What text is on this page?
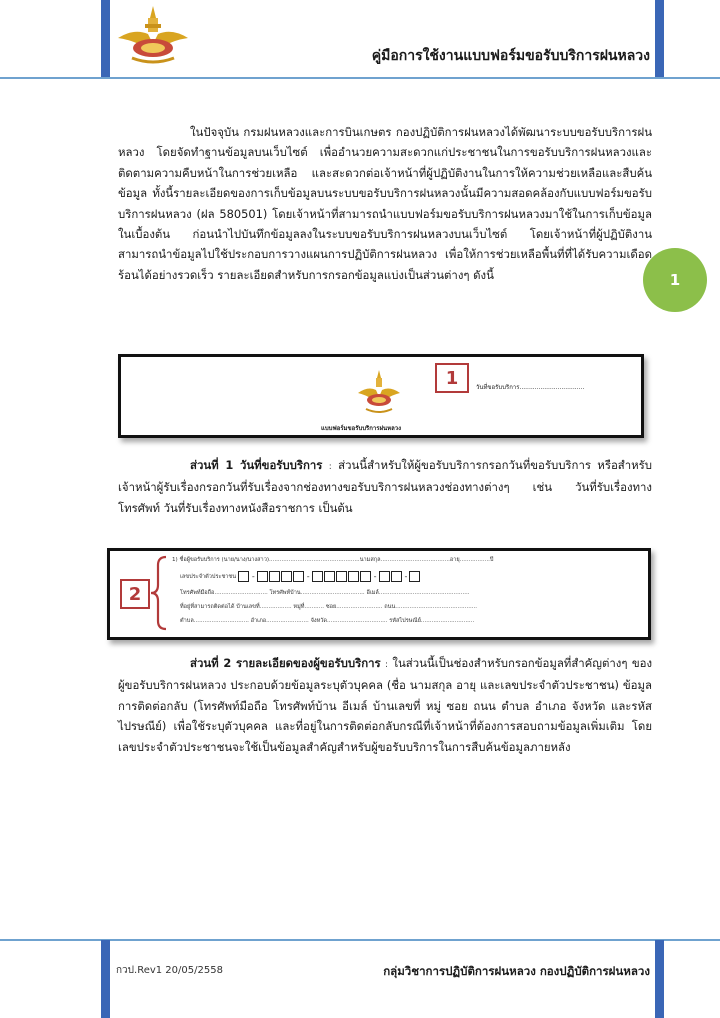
คู่มือการใช้งานแบบฟอร์มขอรับบริการฝนหลวง
1

ในปัจจุบัน กรมฝนหลวงและการบินเกษตร กองปฏิบัติการฝนหลวงได้พัฒนาระบบขอรับบริการฝนหลวง โดยจัดทำฐานข้อมูลบนเว็บไซต์ เพื่ออำนวยความสะดวกแก่ประชาชนในการขอรับบริการฝนหลวงและติดตามความคืบหน้าในการช่วยเหลือ และสะดวกต่อเจ้าหน้าที่ผู้ปฏิบัติงานในการให้ความช่วยเหลือและสืบค้นข้อมูล ทั้งนี้รายละเอียดของการเก็บข้อมูลบนระบบขอรับบริการฝนหลวงนั้นมีความสอดคล้องกับแบบฟอร์มขอรับบริการฝนหลวง (ฝล 580501) โดยเจ้าหน้าที่สามารถนำแบบฟอร์มขอรับบริการฝนหลวงมาใช้ในการเก็บข้อมูลในเบื้องต้น ก่อนนำไปบันทึกข้อมูลลงในระบบขอรับบริการฝนหลวงบนเว็บไซต์ โดยเจ้าหน้าที่ผู้ปฏิบัติงานสามารถนำข้อมูลไปใช้ประกอบการวางแผนการปฏิบัติการฝนหลวง เพื่อให้การช่วยเหลือพื้นที่ที่ได้รับความเดือดร้อนได้อย่างรวดเร็ว รายละเอียดสำหรับการกรอกข้อมูลแบ่งเป็นส่วนต่างๆ ดังนี้

แบบฟอร์มขอรับบริการฝนหลวง
1	วันที่ขอรับบริการ..................................

ส่วนที่ 1 วันที่ขอรับบริการ : ส่วนนี้สำหรับให้ผู้ขอรับบริการกรอกวันที่ขอรับบริการ หรือสำหรับเจ้าหน้าผู้รับเรื่องกรอกวันที่รับเรื่องจากช่องทางขอรับบริการฝนหลวงช่องทางต่างๆ เช่น วันที่รับเรื่องทางโทรศัพท์ วันที่รับเรื่องทางหนังสือราชการ เป็นต้น

2
1) ชื่อผู้ขอรับบริการ (นาย/นาง/นางสาว)...................................................นามสกุล.......................................อายุ.................ปี
เลขประจำตัวประชาชน -	-	-	-
โทรศัพท์มือถือ.............................. โทรศัพท์บ้าน.................................... อีเมล์...................................................
ที่อยู่ที่สามารถติดต่อได้ บ้านเลขที่.................. หมู่ที่........... ซอย.......................... ถนน..............................................
ตำบล............................... อำเภอ........................ จังหวัด.................................. รหัสไปรษณีย์..............................

ส่วนที่ 2 รายละเอียดของผู้ขอรับบริการ : ในส่วนนี้เป็นช่องสำหรับกรอกข้อมูลที่สำคัญต่างๆ ของผู้ขอรับบริการฝนหลวง ประกอบด้วยข้อมูลระบุตัวบุคคล (ชื่อ นามสกุล อายุ และเลขประจำตัวประชาชน) ข้อมูลการติดต่อกลับ (โทรศัพท์มือถือ โทรศัพท์บ้าน อีเมล์ บ้านเลขที่ หมู่ ซอย ถนน ตำบล อำเภอ จังหวัด และรหัสไปรษณีย์) เพื่อใช้ระบุตัวบุคคล และที่อยู่ในการติดต่อกลับกรณีที่เจ้าหน้าที่ต้องการสอบถามข้อมูลเพิ่มเติม โดยเลขประจำตัวประชาชนจะใช้เป็นข้อมูลสำคัญสำหรับผู้ขอรับบริการในการสืบค้นข้อมูลภายหลัง

กวป.Rev1 20/05/2558	กลุ่มวิชาการปฏิบัติการฝนหลวง กองปฏิบัติการฝนหลวง
